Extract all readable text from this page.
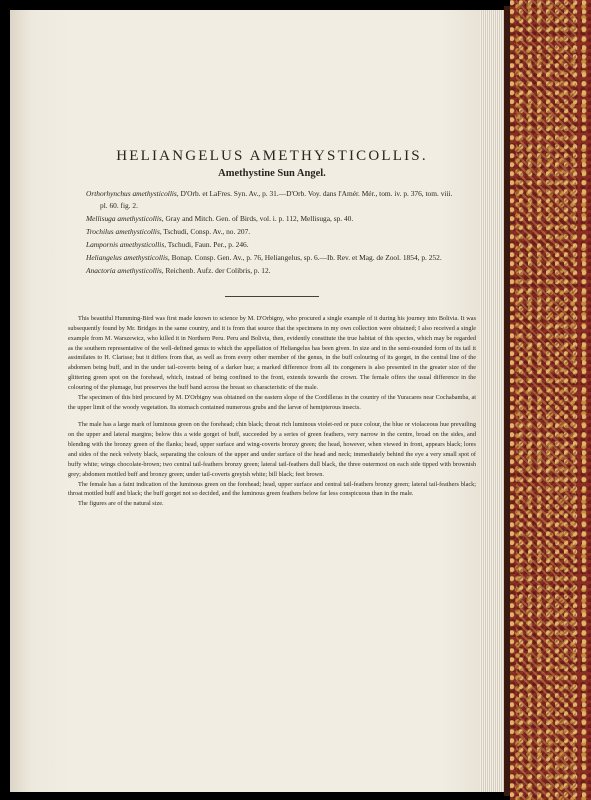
HELIANGELUS AMETHYSTICOLLIS.
Amethystine Sun Angel.

Orthorhynchus amethysticollis, D'Orb. et LaFres. Syn. Av., p. 31.—D'Orb. Voy. dans l'Amér. Mér., tom. iv. p. 376, tom. viii. pl. 60. fig. 2.

Mellisuga amethysticollis, Gray and Mitch. Gen. of Birds, vol. i. p. 112, Mellisuga, sp. 40.

Trochilus amethysticollis, Tschudi, Consp. Av., no. 207.

Lampornis amethysticollis, Tschudi, Faun. Per., p. 246.

Heliangelus amethysticollis, Bonap. Consp. Gen. Av., p. 76, Heliangelus, sp. 6.—Ib. Rev. et Mag. de Zool. 1854, p. 252.

Anactoria amethysticollis, Reichenb. Aufz. der Colibris, p. 12.

This beautiful Humming-Bird was first made known to science by M. D'Orbigny, who procured a single example of it during his journey into Bolivia. It was subsequently found by Mr. Bridges in the same country, and it is from that source that the specimens in my own collection were obtained; I also received a single example from M. Warszewicz, who killed it in Northern Peru. Peru and Bolivia, then, evidently constitute the true habitat of this species, which may be regarded as the southern representative of the well-defined genus to which the appellation of Heliangelus has been given. In size and in the semi-rounded form of its tail it assimilates to H. Clarisse; but it differs from that, as well as from every other member of the genus, in the buff colouring of its gorget, in the central line of the abdomen being buff, and in the under tail-coverts being of a darker hue; a marked difference from all its congeners is also presented in the greater size of the glittering green spot on the forehead, which, instead of being confined to the front, extends towards the crown. The female offers the usual difference in the colouring of the plumage, but preserves the buff band across the breast so characteristic of the male.

The specimen of this bird procured by M. D'Orbigny was obtained on the eastern slope of the Cordilleras in the country of the Yuracares near Cochabamba, at the upper limit of the woody vegetation. Its stomach contained numerous grubs and the larvæ of hemipterous insects.

The male has a large mark of luminous green on the forehead; chin black; throat rich luminous violet-red or puce colour, the blue or violaceous hue prevailing on the upper and lateral margins; below this a wide gorget of buff, succeeded by a series of green feathers, very narrow in the centre, broad on the sides, and blending with the bronzy green of the flanks; head, upper surface and wing-coverts bronzy green; the head, however, when viewed in front, appears black; lores and sides of the neck velvety black, separating the colours of the upper and under surface of the head and neck; immediately behind the eye a very small spot of buffy white; wings chocolate-brown; two central tail-feathers bronzy green; lateral tail-feathers dull black, the three outermost on each side tipped with brownish grey; abdomen mottled buff and bronzy green; under tail-coverts greyish white; bill black; feet brown.

The female has a faint indication of the luminous green on the forehead; head, upper surface and central tail-feathers bronzy green; lateral tail-feathers black; throat mottled buff and black; the buff gorget not so decided, and the luminous green feathers below far less conspicuous than in the male.

The figures are of the natural size.
